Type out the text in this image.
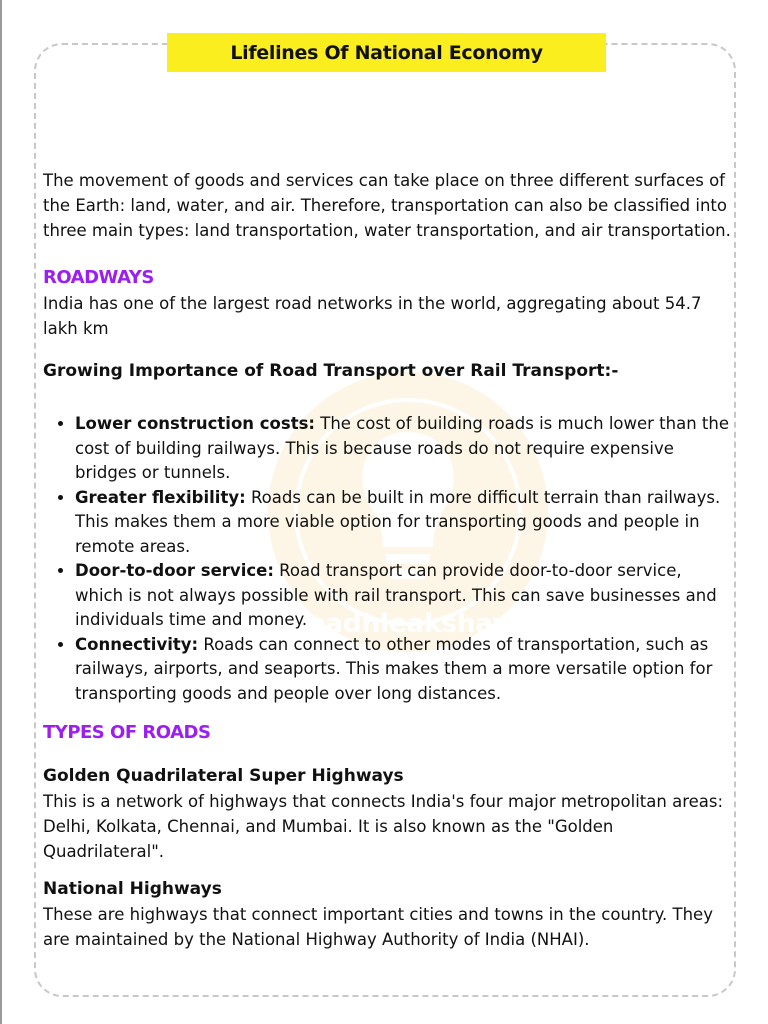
padhleakshay
Lifelines Of National Economy

The movement of goods and services can take place on three different surfaces of the Earth: land, water, and air. Therefore, transportation can also be classified into three main types: land transportation, water transportation, and air transportation.

ROADWAYS

India has one of the largest road networks in the world, aggregating about 54.7 lakh km

Growing Importance of Road Transport over Rail Transport:-
• Lower construction costs: The cost of building roads is much lower than the cost of building railways. This is because roads do not require expensive bridges or tunnels.
• Greater flexibility: Roads can be built in more difficult terrain than railways. This makes them a more viable option for transporting goods and people in remote areas.
• Door-to-door service: Road transport can provide door-to-door service, which is not always possible with rail transport. This can save businesses and individuals time and money.
• Connectivity: Roads can connect to other modes of transportation, such as railways, airports, and seaports. This makes them a more versatile option for transporting goods and people over long distances.
TYPES OF ROADS
Golden Quadrilateral Super Highways

This is a network of highways that connects India's four major metropolitan areas: Delhi, Kolkata, Chennai, and Mumbai. It is also known as the "Golden Quadrilateral".

National Highways

These are highways that connect important cities and towns in the country. They are maintained by the National Highway Authority of India (NHAI).
